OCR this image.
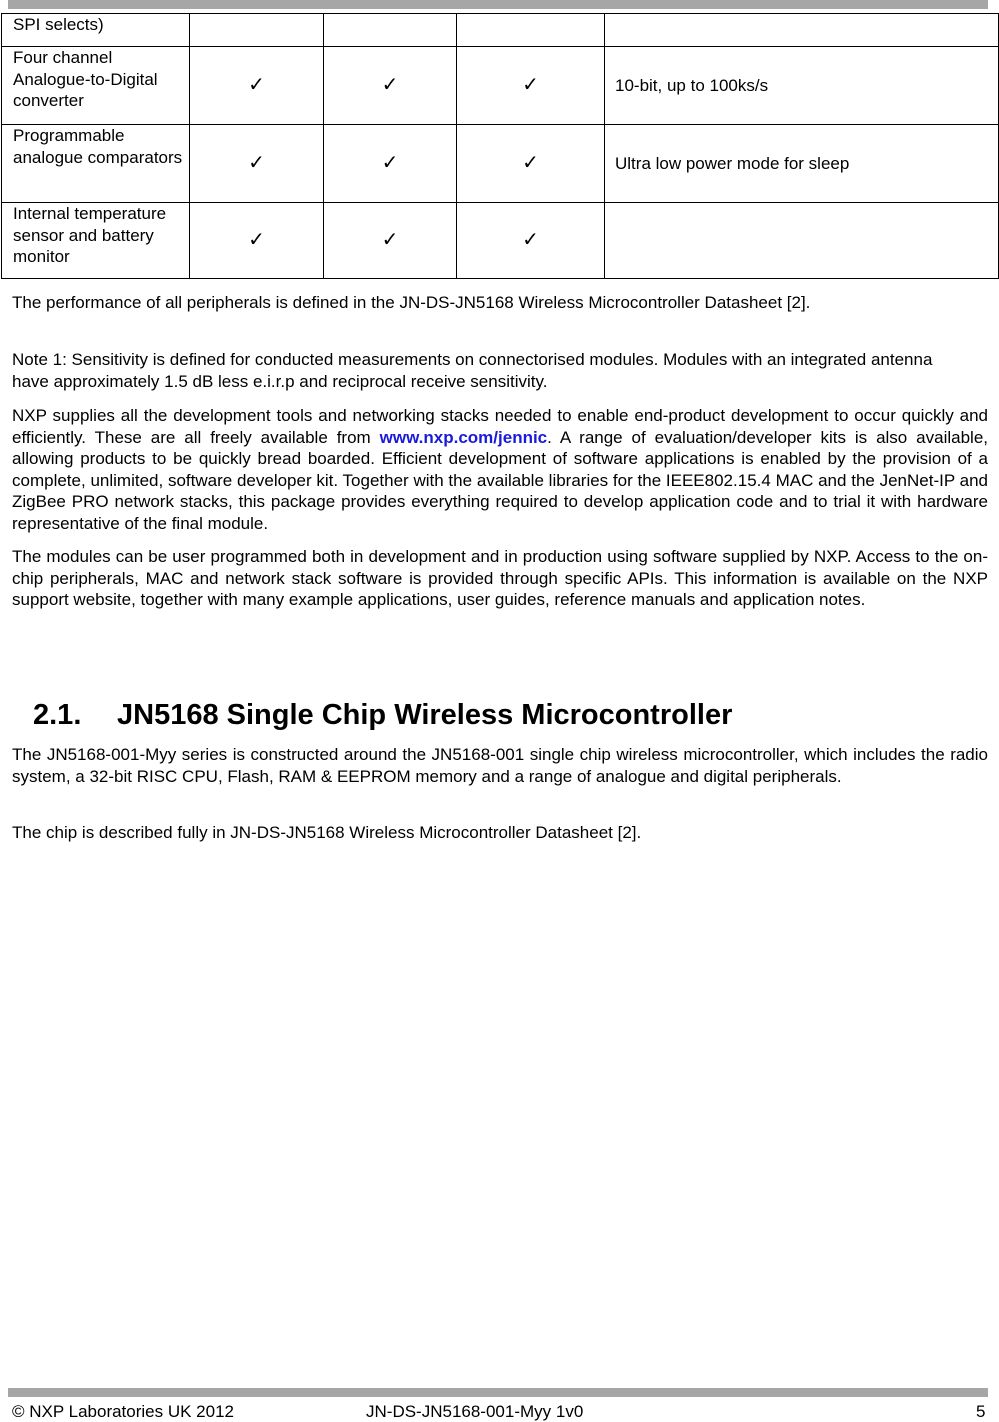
SPI selects)				
Four channel Analogue-to-Digital converter	✓	✓	✓	10-bit, up to 100ks/s
Programmable analogue comparators	✓	✓	✓	Ultra low power mode for sleep
Internal temperature sensor and battery monitor	✓	✓	✓	

The performance of all peripherals is defined in the JN-DS-JN5168 Wireless Microcontroller Datasheet [2].

Note 1: Sensitivity is defined for conducted measurements on connectorised modules. Modules with an integrated antenna have approximately 1.5 dB less e.i.r.p and reciprocal receive sensitivity.

NXP supplies all the development tools and networking stacks needed to enable end-product development to occur quickly and efficiently. These are all freely available from www.nxp.com/jennic. A range of evaluation/developer kits is also available, allowing products to be quickly bread boarded. Efficient development of software applications is enabled by the provision of a complete, unlimited, software developer kit. Together with the available libraries for the IEEE802.15.4 MAC and the JenNet-IP and ZigBee PRO network stacks, this package provides everything required to develop application code and to trial it with hardware representative of the final module.

The modules can be user programmed both in development and in production using software supplied by NXP. Access to the on-chip peripherals, MAC and network stack software is provided through specific APIs. This information is available on the NXP support website, together with many example applications, user guides, reference manuals and application notes.

2.1. JN5168 Single Chip Wireless Microcontroller

The JN5168-001-Myy series is constructed around the JN5168-001 single chip wireless microcontroller, which includes the radio system, a 32-bit RISC CPU, Flash, RAM & EEPROM memory and a range of analogue and digital peripherals.

The chip is described fully in JN-DS-JN5168 Wireless Microcontroller Datasheet [2].

© NXP Laboratories UK 2012	JN-DS-JN5168-001-Myy 1v0	5
